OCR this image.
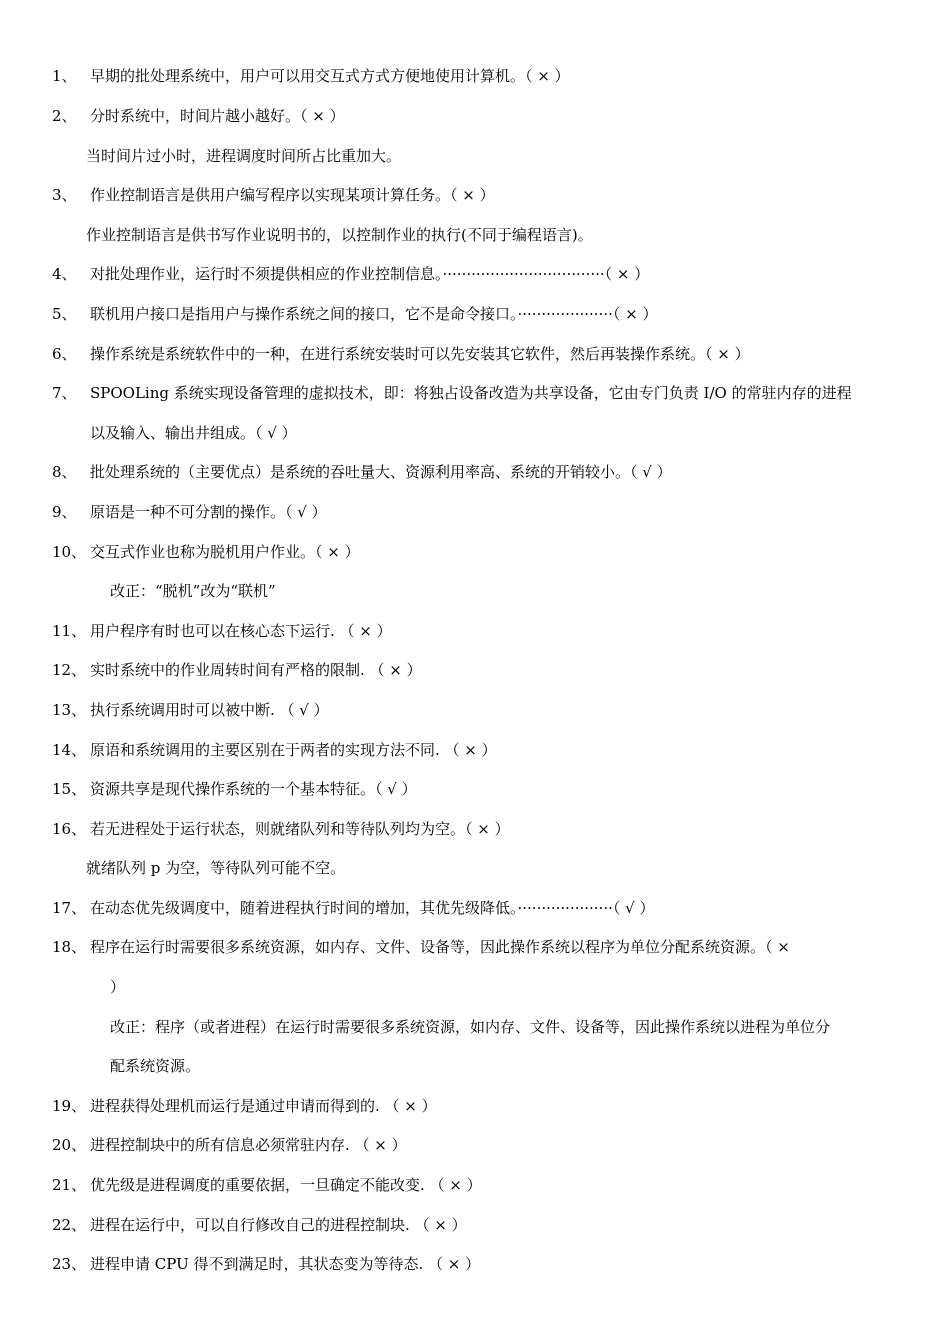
1、 早期的批处理系统中，用户可以用交互式方式方便地使用计算机。（ × ）
2、 分时系统中，时间片越小越好。（ × ）
当时间片过小时，进程调度时间所占比重加大。
3、 作业控制语言是供用户编写程序以实现某项计算任务。（ × ）
作业控制语言是供书写作业说明书的，以控制作业的执行(不同于编程语言)。
4、 对批处理作业，运行时不须提供相应的作业控制信息。··································（ × ）
5、 联机用户接口是指用户与操作系统之间的接口，它不是命令接口。····················（ × ）
6、 操作系统是系统软件中的一种，在进行系统安装时可以先安装其它软件，然后再装操作系统。（ × ）
7、 SPOOLing 系统实现设备管理的虚拟技术，即：将独占设备改造为共享设备，它由专门负责 I/O 的常驻内存的进程
以及输入、输出井组成。（ √ ）
8、 批处理系统的（主要优点）是系统的吞吐量大、资源利用率高、系统的开销较小。（ √ ）
9、 原语是一种不可分割的操作。（ √ ）
10、 交互式作业也称为脱机用户作业。（ × ）
改正：“脱机”改为“联机”
11、 用户程序有时也可以在核心态下运行. （ × ）
12、 实时系统中的作业周转时间有严格的限制. （ × ）
13、 执行系统调用时可以被中断. （ √ ）
14、 原语和系统调用的主要区别在于两者的实现方法不同. （ × ）
15、 资源共享是现代操作系统的一个基本特征。（ √ ）
16、 若无进程处于运行状态，则就绪队列和等待队列均为空。（ × ）
就绪队列 p 为空，等待队列可能不空。
17、 在动态优先级调度中，随着进程执行时间的增加，其优先级降低。····················（ √ ）
18、 程序在运行时需要很多系统资源，如内存、文件、设备等，因此操作系统以程序为单位分配系统资源。（ ×
）
改正：程序（或者进程）在运行时需要很多系统资源，如内存、文件、设备等，因此操作系统以进程为单位分
配系统资源。
19、 进程获得处理机而运行是通过申请而得到的. （ × ）
20、 进程控制块中的所有信息必须常驻内存. （ × ）
21、 优先级是进程调度的重要依据，一旦确定不能改变. （ × ）
22、 进程在运行中，可以自行修改自己的进程控制块. （ × ）
23、 进程申请 CPU 得不到满足时，其状态变为等待态. （ × ）
